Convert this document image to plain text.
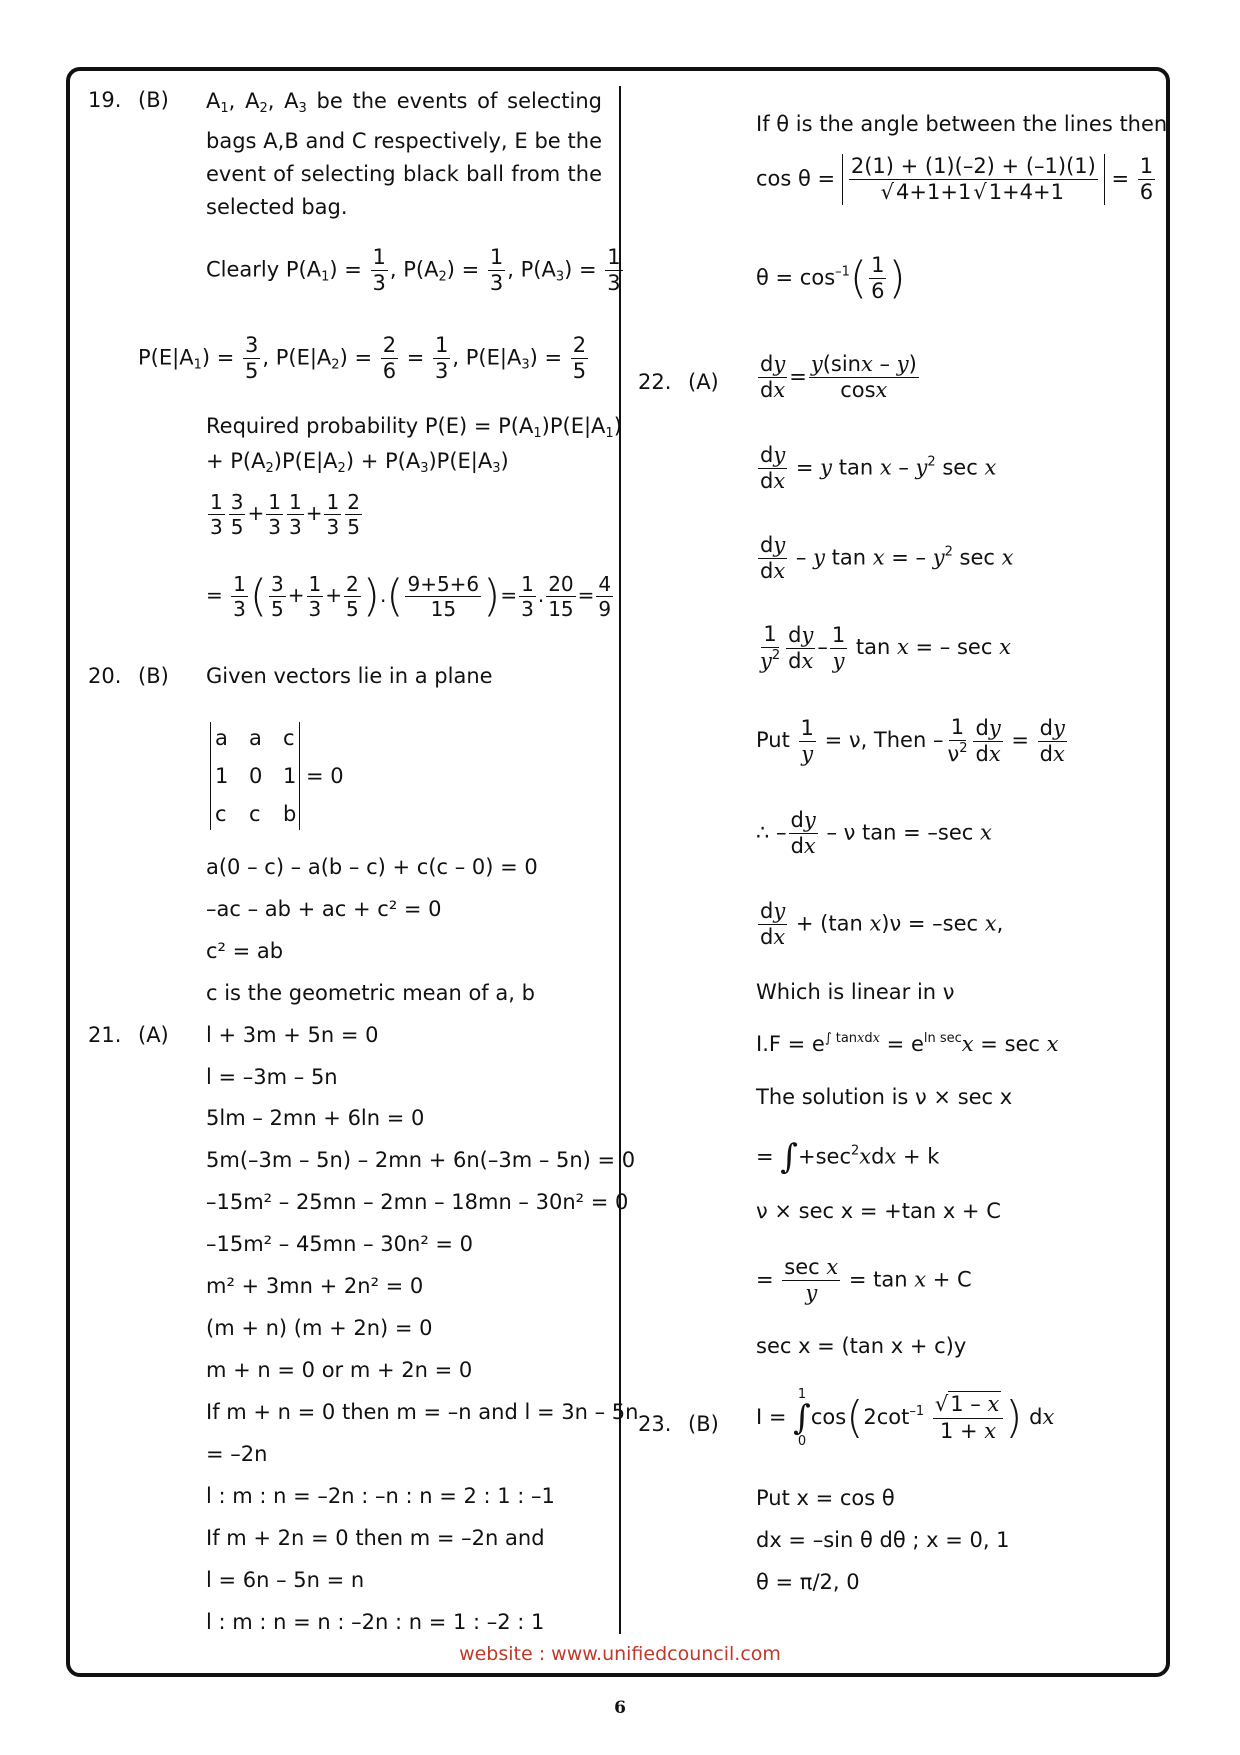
19. (B) $A_1$, $A_2$, $A_3$ be the events of selecting bags A,B and C respectively, E be the event of selecting black ball from the selected bag.
Clearly $P(A_1) = \frac{1}{3}$ , $P(A_2) = \frac{1}{3}$ , $P(A_3) = \frac{1}{3}$
$P(E|A_1) = \frac{3}{5}$ , $P(E|A_2) = \frac{2}{6} = \frac{1}{3}$ , $P(E|A_3) = \frac{2}{5}$
Required probability $P(E) = P(A_1)P(E|A_1)$
+ $P(A_2)P(E|A_2) + P(A_3)P(E|A_3)$
$\frac{1}{3} \frac{3}{5} + \frac{1}{3} \frac{1}{3} + \frac{1}{3} \frac{2}{5}$
= $\frac{1}{3}$ ( $\frac{3}{5} + \frac{1}{3} + \frac{2}{5}$ ).( $\frac{9+5+6}{15}$ )= $\frac{1}{3}$ . $\frac{20}{15} = \frac{4}{9}$
20. (B) Given vectors lie in a plane
a a c
1 0 1
c c b
= 0
a(0 – c) – a(b – c) + c(c – 0) = 0
–ac – ab + ac + c² = 0
c² = ab
c is the geometric mean of a, b
21. (A) l + 3m + 5n = 0
l = –3m – 5n
5lm – 2mn + 6ln = 0
5m(–3m – 5n) – 2mn + 6n(–3m – 5n) = 0
–15m² – 25mn – 2mn – 18mn – 30n² = 0
–15m² – 45mn – 30n² = 0
m² + 3mn + 2n² = 0
(m + n) (m + 2n) = 0
m + n = 0 or m + 2n = 0
If m + n = 0 then m = –n and l = 3n – 5n
= –2n
l : m : n = –2n : –n : n = 2 : 1 : –1
If m + 2n = 0 then m = –2n and
l = 6n – 5n = n
l : m : n = n : –2n : n = 1 : –2 : 1
If θ is the angle between the lines then
$\cos \theta = \frac{2(1) + (1)(-2) + (-1)(1)}{√4+1+1√1+4+1} = \frac{1}{6}$
$\theta = \cos^{-1}( \frac{1}{6}$ )
22. $(A) \frac{dy}{dx} = \frac{y(\sin x - y)}{\cos x}$
$\frac{dy}{dx} = y$ tan x – $y^2$ sec x
$\frac{dy}{dx}$ – y tan x = – $y^2$ sec x
$\frac{1}{y^2} \frac{dy}{dx} - \frac{1}{y}$ tan x = – sec x
Put $\frac{1}{y} = \nu$, Then – $\frac{1}{\nu^2} \frac{dy}{dx} = \frac{dy}{dx}$
∴ – $\frac{dy}{dx}$ – ν tan = –sec x
$\frac{dy}{dx} + (\tan$ x)ν = –sec x,
Which is linear in ν
$I.F = e^{\int tanxdx} = e^{ln sec}x = \sec x$
The solution is ν × sec x
= $\int+\sec^2xdx + k$
ν × sec x = +tan x + C
= $\frac{\text{sec x}}{y} = \tan x + C$
sec x = (tan x + c)y
23. (B) I =
1
∫
0
$\cos(2\cot^{-1} \frac{√1 - x}{1 + x}$ ) dx
Put x = cos θ
dx = –sin θ dθ ; x = 0, 1
θ = π/2, 0
website : www.unifiedcouncil.com
6
